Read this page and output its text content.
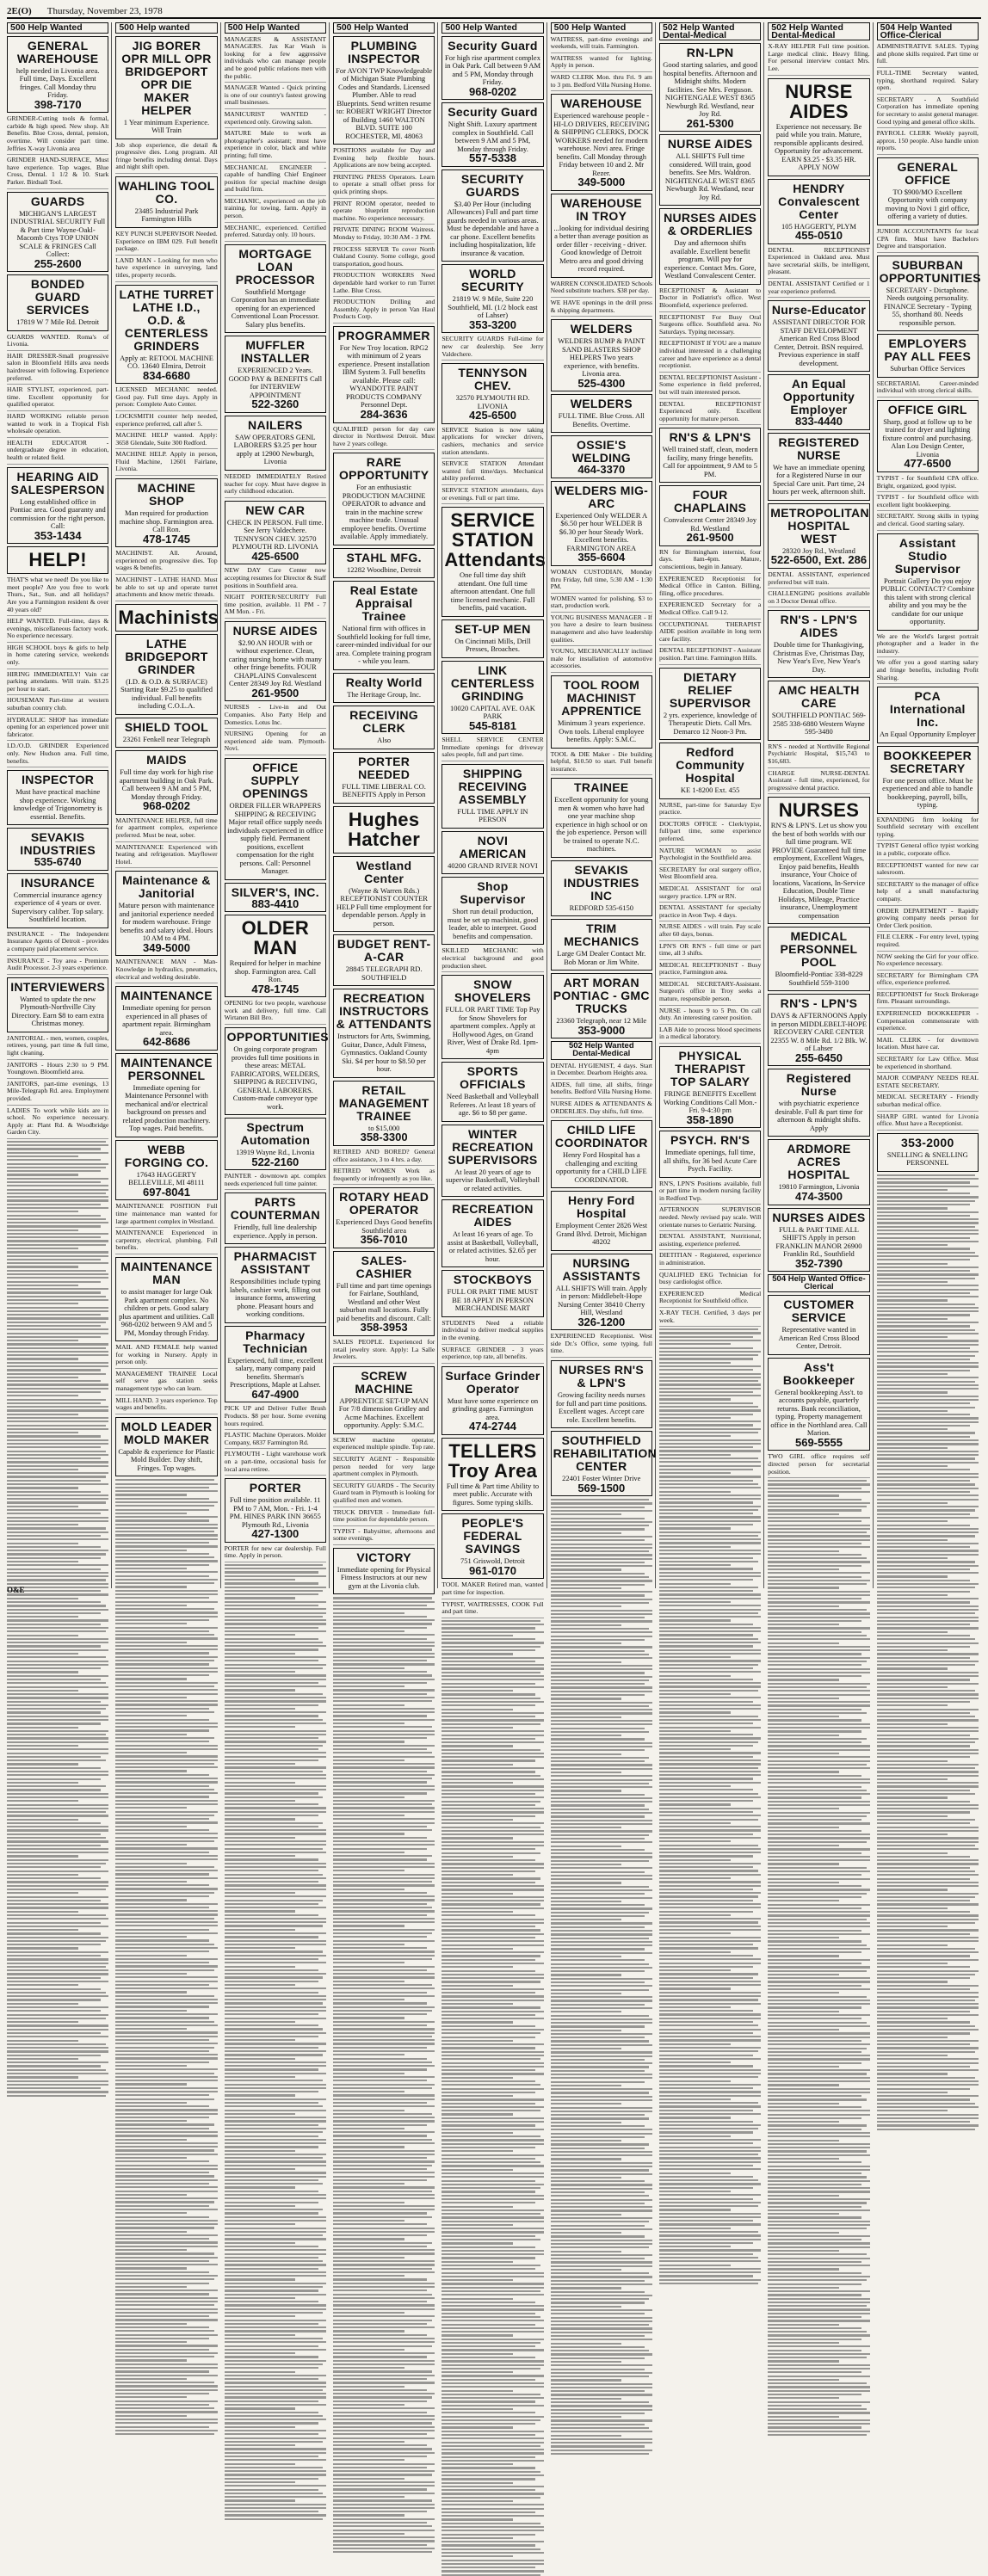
2E(O) Thursday, November 23, 1978
500 Help Wanted
GENERAL WAREHOUSE
help needed in Livonia area. Full time, Days. Excellent fringes. Call Monday thru Friday.
398-7170
GRINDER-Cutting tools & formal, carbide & high speed. New shop. Alt Benefits. Blue Cross, dental, pension, overtime. Will consider part time. Jeffries X-way Livonia area
GRINDER HAND-SURFACE, Must have experience. Top wages. Blue Cross, Dental. 1 1/2 & 10. Stark Parker. Birdsall Tool.
GUARDS
MICHIGAN'S LARGEST INDUSTRIAL SECURITY Full & Part time Wayne-Oakl-Macomb Ctys TOP UNION SCALE & FRINGES Call Collect:
255-2600
BONDED GUARD SERVICES
17819 W 7 Mile Rd. Detroit
GUARDS WANTED. Roma's of Livonia.
HAIR DRESSER-Small progressive salon in Bloomfield Hills area needs hairdresser with following. Experience preferred.
HAIR STYLIST, experienced, part-time. Excellent opportunity for qualified operator.
HARD WORKING reliable person wanted to work in a Tropical Fish wholesale operation.
HEALTH EDUCATOR - undergraduate degree in education, health or related field.
HEARING AID SALESPERSON
Long established office in Pontiac area. Good guaranty and commission for the right person. Call:
353-1434
HELP!
THAT'S what we need! Do you like to meet people? Are you free to work Thurs., Sat., Sun. and all holidays? Are you a Farmington resident & over 40 years old?
HELP WANTED. Full-time, days & evenings, miscellaneous factory work. No experience necessary.
HIGH SCHOOL boys & girls to help in home catering service, weekends only.
HIRING IMMEDIATELY! Vain car parking attendants. Will train. $3.25 per hour to start.
HOUSEMAN Part-time at western suburban country club.
HYDRAULIC SHOP has immediate opening for an experienced power unit fabricator.
I.D./O.D. GRINDER Experienced only. New Hudson area. Full time, benefits.
INSPECTOR
Must have practical machine shop experience. Working knowledge of Trigonometry is essential. Benefits.
SEVAKIS INDUSTRIES
535-6740
INSURANCE
Commercial insurance agency experience of 4 years or over. Supervisory caliber. Top salary. Southfield location.
INSURANCE - The Independent Insurance Agents of Detroit - provides a company paid placement service.
INSURANCE - Toy area - Premium Audit Processor. 2-3 years experience.
INTERVIEWERS
Wanted to update the new Plymouth-Northville City Directory. Earn $8 to earn extra Christmas money.
JANITORIAL - men, women, couples, retirees, young, part time & full time, light cleaning.
JANITORS - Hours 2:30 to 9 PM. Youngtown. Bloomfield area.
JANITORS, part-time evenings, 13 Mile-Telegraph Rd. area. Employment provided.
LADIES To work while kids are in school. No experience necessary. Apply at: Plant Rd. & Woodbridge Garden City.
500 Help wanted
JIG BORER OPR MILL OPR BRIDGEPORT OPR DIE MAKER HELPER
1 Year minimum Experience. Will Train
Job shop experience, die detail & progressive dies. Long program. All fringe benefits including dental. Days and night shift open.
WAHLING TOOL CO.
23485 Industrial Park Farmington Hills
KEY PUNCH SUPERVISOR Needed. Experience on IBM 029. Full benefit package.
LAND MAN - Looking for men who have experience in surveying, land titles, property records.
LATHE TURRET LATHE I.D., O.D. & CENTERLESS GRINDERS
Apply at: RETOOL MACHINE CO. 13640 Elmira, Detroit
834-6680
LICENSED MECHANIC needed. Good pay. Full time days. Apply in person: Complete Auto Center.
LOCKSMITH counter help needed, experience preferred, call after 5.
MACHINE HELP wanted. Apply: 3658 Glendale, Suite 300 Redford.
MACHINE HELP. Apply in person, Fluid Machine, 12601 Fairlane, Livonia.
MACHINE SHOP
Man required for production machine shop. Farmington area. Call Ron.
478-1745
MACHINIST. All. Around, experienced on progressive dies. Top wages & benefits.
MACHINIST - LATHE HAND. Must be able to set up and operate turret attachments and know metric threads.
Machinists
LATHE BRIDGEPORT GRINDER
(I.D. & O.D. & SURFACE) Starting Rate $9.25 to qualified individual. Full benefits including C.O.L.A.
SHIELD TOOL
23261 Fenkell near Telegraph
MAIDS
Full time day work for high rise apartment building in Oak Park. Call between 9 AM and 5 PM, Monday through Friday.
968-0202
MAINTENANCE HELPER, full time for apartment complex, experience preferred. Must be neat, sober.
MAINTENANCE Experienced with heating and refrigeration. Mayflower Hotel.
Maintenance & Janitorial
Mature person with maintenance and janitorial experience needed for modern warehouse. Fringe benefits and salary ideal. Hours 10 AM to 4 PM.
349-5000
MAINTENANCE MAN - Man-Knowledge in hydraulics, pneumatics, electrical and welding desirable.
MAINTENANCE
Immediate opening for person experienced in all phases of apartment repair. Birmingham area.
642-8686
MAINTENANCE PERSONNEL
Immediate opening for Maintenance Personnel with mechanical and/or electrical background on presses and related production machinery. Top wages. Paid benefits.
WEBB FORGING CO.
17643 HAGGERTY BELLEVILLE, MI 48111
697-8041
MAINTENANCE POSITION Full time maintenance man wanted for large apartment complex in Westland.
MAINTENANCE Experienced in carpentry, electrical, plumbing. Full benefits.
MAINTENANCE MAN
to assist manager for large Oak Park apartment complex. No children or pets. Good salary plus apartment and utilities. Call 968-0202 between 9 AM and 5 PM, Monday through Friday.
MAIL AND FEMALE help wanted for working in Nursery. Apply in person only.
MANAGEMENT TRAINEE Local self serve gas station seeks management type who can learn.
MILL HAND. 3 years experience. Top wages and benefits.
MOLD LEADER MOLD MAKER
Capable & experience for Plastic Mold Builder. Day shift, Fringes. Top wages.
500 Help Wanted
MANAGERS & ASSISTANT MANAGERS. Jax Kar Wash is looking for a few aggressive individuals who can manage people and be good public relations men with the public.
MANAGER Wanted - Quick printing is one of our country's fastest growing small businesses.
MANICURIST WANTED - experienced only. Growing salon.
MATURE Male to work as photographer's assistant; must have experience in color, black and white printing; full time.
MECHANICAL ENGINEER - capable of handling Chief Engineer position for special machine design and build firm.
MECHANIC, experienced on the job training, for towing, farm. Apply in person.
MECHANIC, experienced. Certified preferred. Saturday only. 10 hours.
MORTGAGE LOAN PROCESSOR
Southfield Mortgage Corporation has an immediate opening for an experienced Conventional Loan Processor. Salary plus benefits.
MUFFLER INSTALLER
EXPERIENCED 2 Years. GOOD PAY & BENEFITS Call for INTERVIEW APPOINTMENT
522-3260
NAILERS
SAW OPERATORS GENL LABORERS $3.25 per hour apply at 12900 Newburgh, Livonia
NEEDED IMMEDIATELY Retired teacher for copy. Must have degree in early childhood education.
NEW CAR
CHECK IN PERSON. Full time. See Jerry Valdechere. TENNYSON CHEV. 32570 PLYMOUTH RD. LIVONIA
425-6500
NEW DAY Care Center now accepting resumes for Director & Staff positions in Southfield area.
NIGHT PORTER/SECURITY Full time position, available. 11 PM - 7 AM Mon. - Fri.
NURSE AIDES
$2.90 AN HOUR with or without experience. Clean, caring nursing home with many other fringe benefits. FOUR CHAPLAINS Convalescent Center 28349 Joy Rd. Westland
261-9500
NURSES - Live-in and Out Companies. Also Party Help and Domestics. Lotus Inc.
NURSING Opening for an experienced aide team. Plymouth-Novi.
OFFICE SUPPLY OPENINGS
ORDER FILLER WRAPPERS SHIPPING & RECEIVING Major retail office supply needs individuals experienced in office supply field. Permanent positions, excellent compensation for the right persons. Call: Personnel Manager.
SILVER'S, INC.
883-4410
OLDER MAN
Required for helper in machine shop. Farmington area. Call Ron.
478-1745
OPENING for two people, warehouse work and delivery, full time. Call Wirtanen Bill Bro.
OPPORTUNITIES
On going corporate program provides full time positions in these areas: METAL FABRICATORS, WELDERS, SHIPPING & RECEIVING, GENERAL LABORERS. Custom-made conveyor type work.
Spectrum Automation
13919 Wayne Rd., Livonia
522-2160
PAINTER - downtown apt. complex needs experienced full time painter.
PARTS COUNTERMAN
Friendly, full line dealership experience. Apply in person.
PHARMACIST ASSISTANT
Responsibilities include typing labels, cashier work, filling out insurance forms, answering phone. Pleasant hours and working conditions.
Pharmacy Technician
Experienced, full time, excellent salary, many company paid benefits. Sherman's Prescriptions, Maple at Lahser.
647-4900
PICK UP and Deliver Fuller Brush Products. $8 per hour. Some evening hours required.
PLASTIC Machine Operators. Molder Company, 6837 Farmington Rd.
PLYMOUTH - Light warehouse work on a part-time, occasional basis for local area retiree.
PORTER
Full time position available. 11 PM to 7 AM, Mon. - Fri. 1-4 PM. HINES PARK INN 36655 Plymouth Rd., Livonia
427-1300
PORTER for new car dealership. Full time. Apply in person.
500 Help Wanted
PLUMBING INSPECTOR
For AVON TWP Knowledgeable of Michigan State Plumbing Codes and Standards. Licensed Plumber. Able to read Blueprints. Send written resume to: ROBERT WRIGHT Director of Building 1460 WALTON BLVD. SUITE 100 ROCHESTER, MI. 48063
POSITIONS available for Day and Evening help flexible hours. Applications are now being accepted.
PRINTING PRESS Operators. Learn to operate a small offset press for quick printing shops.
PRINT ROOM operator, needed to operate blueprint reproduction machine. No experience necessary.
PRIVATE DINING ROOM Waitress. Monday to Friday, 10:30 AM - 3 PM.
PROCESS SERVER To cover North Oakland County. Some college, good transportation, good hours.
PRODUCTION WORKERS Need dependable hard worker to run Turret Lathe. Blue Cross.
PRODUCTION Drilling and Assembly. Apply in person Van Haul Products Corp.
PROGRAMMER
For New Troy location. RPG2 with minimum of 2 years experience. Present installation IBM System 3. Full benefits available. Please call: WYANDOTTE PAINT PRODUCTS COMPANY Personnel Dept.
284-3636
QUALIFIED person for day care director in Northwest Detroit. Must have 2 years college.
RARE OPPORTUNITY
For an enthusiastic PRODUCTION MACHINE OPERATOR to advance and train in the machine screw machine trade. Unusual employee benefits. Overtime available. Apply immediately.
STAHL MFG.
12282 Woodbine, Detroit
Real Estate Appraisal Trainee
National firm with offices in Southfield looking for full time, career-minded individual for our area. Complete training program - while you learn.
Realty World
The Heritage Group, Inc.
RECEIVING CLERK
Also
PORTER NEEDED
FULL TIME LIBERAL CO. BENEFITS Apply in Person
Hughes Hatcher
Westland Center
(Wayne & Warren Rds.) RECEPTIONIST COUNTER HELP Full time employment for dependable person. Apply in person.
BUDGET RENT-A-CAR
28845 TELEGRAPH RD. SOUTHFIELD
RECREATION INSTRUCTORS & ATTENDANTS
Instructors for Arts, Swimming, Guitar, Dance, Adult Fitness, Gymnastics. Oakland County Ski. $4 per hour to $8.50 per hour.
RETAIL MANAGEMENT TRAINEE
to $15,000
358-3300
RETIRED AND BORED? General office assistance, 3 to 4 hrs. a day.
RETIRED WOMEN Work as frequently or infrequently as you like.
ROTARY HEAD OPERATOR
Experienced Days Good benefits Southfield area
356-7010
SALES-CASHIER
Full time and part time openings for Fairlane, Southland, Westland and other West suburban mall locations. Fully paid benefits and discount. Call:
358-3953
SALES PEOPLE. Experienced for retail jewelry store. Apply: La Salle Jewelers.
SCREW MACHINE
APPRENTICE SET-UP MAN For 7/8 dimension Gridley and Acme Machines. Excellent opportunity. Apply: S.M.C.
SCREW machine operator, experienced multiple spindle. Top rate.
SECURITY AGENT - Responsible person needed for very large apartment complex in Plymouth.
SECURITY GUARDS - The Security Guard team in Plymouth is looking for qualified men and women.
TRUCK DRIVER - Immediate full-time position for dependable person.
TYPIST - Babysitter, afternoons and some evenings.
VICTORY
Immediate opening for Physical Fitness Instructors at our new gym at the Livonia club.
500 Help Wanted
Security Guard
For high rise apartment complex in Oak Park. Call between 9 AM and 5 PM, Monday through Friday.
968-0202
Security Guard
Night Shift. Luxury apartment complex in Southfield. Call between 9 AM and 5 PM, Monday through Friday.
557-5338
SECURITY GUARDS
$3.40 Per Hour (including Allowances) Full and part time guards needed in various areas. Must be dependable and have a car phone. Excellent benefits including hospitalization, life insurance & vacation.
WORLD SECURITY
21819 W. 9 Mile, Suite 220 Southfield, MI. (1/2 block east of Lahser)
353-3200
SECURITY GUARDS Full-time for new car dealership. See Jerry Valdechere.
TENNYSON CHEV.
32570 PLYMOUTH RD. LIVONIA
425-6500
SERVICE Station is now taking applications for wrecker drivers, cashiers, mechanics and service station attendants.
SERVICE STATION Attendant wanted full time/days. Mechanical ability preferred.
SERVICE STATION attendants, days or evenings. Full or part time.
SERVICE STATION Attendants
One full time day shift attendant. One full time afternoon attendant. One full time licensed mechanic. Full benefits, paid vacation.
SET-UP MEN
On Cincinnati Mills, Drill Presses, Broaches.
LINK CENTERLESS GRINDING
10020 CAPITAL AVE. OAK PARK
545-8181
SHELL SERVICE CENTER Immediate openings for driveway sales people, full and part time.
SHIPPING RECEIVING ASSEMBLY
FULL TIME APPLY IN PERSON
NOVI AMERICAN
40200 GRAND RIVER NOVI
Shop Supervisor
Short run detail production, must be set up machinist, good leader, able to interpret. Good benefits and compensation.
SKILLED MECHANIC with electrical background and good production sheet.
SNOW SHOVELERS
FULL OR PART TIME Top Pay for Snow Shovelers for apartment complex. Apply at Hollywood Ages, on Grand River, West of Drake Rd. 1pm-4pm
SPORTS OFFICIALS
Need Basketball and Volleyball Referees. At least 18 years of age. $6 to $8 per game.
WINTER RECREATION SUPERVISORS
At least 20 years of age to supervise Basketball, Volleyball or related activities.
RECREATION AIDES
At least 16 years of age. To assist at Basketball, Volleyball, or related activities. $2.65 per hour.
STOCKBOYS
FULL OR PART TIME MUST BE 18 APPLY IN PERSON MERCHANDISE MART
STUDENTS Need a reliable individual to deliver medical supplies in the evening.
SURFACE GRINDER - 3 years experience, top rate, all benefits.
Surface Grinder Operator
Must have some experience on grinding gages. Farmington area.
474-2744
TELLERS Troy Area
Full time & Part time Ability to meet public. Accurate with figures. Some typing skills.
PEOPLE'S FEDERAL SAVINGS
751 Griswold, Detroit
961-0170
TOOL MAKER Retired man, wanted part time for inspection.
TYPIST, WAITRESSES, COOK Full and part time.
500 Help Wanted
WAITRESS, part-time evenings and weekends, will train. Farmington.
WAITRESS wanted for lighting. Apply in person.
WARD CLERK Mon. thru Fri. 9 am to 3 pm. Bedford Villa Nursing Home.
WAREHOUSE
Experienced warehouse people - HI-LO DRIVERS, RECEIVING & SHIPPING CLERKS, DOCK WORKERS needed for modern warehouse. Novi area. Fringe benefits. Call Monday through Friday between 10 and 2. Mr Rezer.
349-5000
WAREHOUSE IN TROY
...looking for individual desiring a better than average position as order filler - receiving - driver. Good knowledge of Detroit Metro area and good driving record required.
WARREN CONSOLIDATED Schools Need substitute teachers. $38 per day.
WE HAVE openings in the drill press & shipping departments.
WELDERS
WELDERS BUMP & PAINT SAND BLASTERS SHOP HELPERS Two years experience, with benefits. Livonia area.
525-4300
WELDERS
FULL TIME. Blue Cross. All Benefits. Overtime.
OSSIE'S WELDING
464-3370
WELDERS MIG-ARC
Experienced Only WELDER A $6.50 per hour WELDER B $6.30 per hour Steady Work. Excellent benefits. FARMINGTON AREA
355-6604
WOMAN CUSTODIAN, Monday thru Friday, full time, 5:30 AM - 1:30 PM.
WOMEN wanted for polishing. $3 to start, production work.
YOUNG BUSINESS MANAGER - If you have a desire to learn business management and also have leadership qualities.
YOUNG, MECHANICALLY inclined male for installation of automotive accessories.
TOOL ROOM MACHINIST APPRENTICE
Minimum 3 years experience. Own tools. Liberal employee benefits. Apply: S.M.C.
TOOL & DIE Maker - Die building helpful, $10.50 to start. Full benefit insurance.
TRAINEE
Excellent opportunity for young men & women who have had one year machine shop experience in high school or on the job experience. Person will be trained to operate N.C. machines.
SEVAKIS INDUSTRIES INC
REDFORD 535-6150
TRIM MECHANICS
Large GM Dealer Contact Mr. Bob Moran or Jim White.
ART MORAN PONTIAC - GMC TRUCKS
23360 Telegraph, near 12 Mile
353-9000
502 Help Wanted Dental-Medical
DENTAL HYGIENIST, 4 days. Start in December. Dearborn Heights area.
AIDES, full time, all shifts, fringe benefits. Bedford Villa Nursing Home.
NURSE AIDES & ATTENDANTS & ORDERLIES. Day shifts, full time.
CHILD LIFE COORDINATOR
Henry Ford Hospital has a challenging and exciting opportunity for a CHILD LIFE COORDINATOR.
Henry Ford Hospital
Employment Center 2826 West Grand Blvd. Detroit, Michigan 48202
NURSING ASSISTANTS
ALL SHIFTS Will train. Apply in person: Middlebelt-Hope Nursing Center 38410 Cherry Hill, Westland
326-1200
EXPERIENCED Receptionist. West side Dr.'s Office, some typing, full time.
NURSES RN'S & LPN'S
Growing facility needs nurses for full and part time positions. Excellent wages. Accept care role. Excellent benefits.
SOUTHFIELD REHABILITATION CENTER
22401 Foster Winter Drive
569-1500
502 Help Wanted Dental-Medical
RN-LPN
Good starting salaries, and good hospital benefits. Afternoon and Midnight shifts. Modern facilities. See Mrs. Ferguson. NIGHTENGALE WEST 8365 Newburgh Rd. Westland, near Joy Rd.
261-5300
NURSE AIDES
ALL SHIFTS Full time considered. Will train, good benefits. See Mrs. Waldron. NIGHTENGALE WEST 8365 Newburgh Rd. Westland, near Joy Rd.
NURSES AIDES & ORDERLIES
Day and afternoon shifts available. Excellent benefit program. Will pay for experience. Contact Mrs. Gore, Westland Convalescent Center.
RECEPTIONIST & Assistant to Doctor in Podiatrist's office. West Bloomfield, experience preferred.
RECEPTIONIST For Busy Oral Surgeons office. Southfield area. No Saturdays. Typing necessary.
RECEPTIONIST If YOU are a mature individual interested in a challenging career and have experience as a dental receptionist.
DENTAL RECEPTIONIST Assistant - Some experience in field preferred, but will train interested person.
DENTAL RECEPTIONIST Experienced only. Excellent opportunity for mature person.
RN'S & LPN'S
Well trained staff, clean, modern facility, many fringe benefits. Call for appointment, 9 AM to 5 PM.
FOUR CHAPLAINS
Convalescent Center 28349 Joy Rd. Westland
261-9500
RN for Birmingham internist, four days. 8am-4pm. Mature, conscientious, begin in January.
EXPERIENCED Receptionist for Medical Office in Canton. Billing, filing, office procedures.
EXPERIENCED Secretary for a Medical Office. Call 9-12.
OCCUPATIONAL THERAPIST AIDE position available in long term care facility.
DENTAL RECEPTIONIST - Assistant position. Part time. Farmington Hills.
DIETARY RELIEF SUPERVISOR
2 yrs. experience, knowledge of Therapeutic Diets. Call Mrs. Demarco 12 Noon-3 Pm.
Redford Community Hospital
KE 1-8200 Ext. 455
NURSE, part-time for Saturday Eye practice.
DOCTORS OFFICE - Clerk/typist, full/part time, some experience preferred.
NATURE WOMAN to assist Psychologist in the Southfield area.
SECRETARY for oral surgery office, West Bloomfield area.
MEDICAL ASSISTANT for oral surgery practice. LPN or RN.
DENTAL ASSISTANT for specialty practice in Avon Twp. 4 days.
NURSE AIDES - will train. Pay scale after 60 days, bonus.
LPN'S OR RN'S - full time or part time, all 3 shifts.
MEDICAL RECEPTIONIST - Busy practice, Farmington area.
MEDICAL SECRETARY-Assistant. Surgeon's office in Troy seeks a mature, responsible person.
NURSE - hours 9 to 5 Pm. On call duty. An interesting career position.
LAB Aide to process blood specimens in a medical laboratory.
PHYSICAL THERAPIST TOP SALARY
FRINGE BENEFITS Excellent Working Conditions Call Mon.-Fri. 9-4:30 pm
358-1890
PSYCH. RN'S
Immediate openings, full time, all shifts, for 36 bed Acute Care Psych. Facility.
RN'S, LPN'S Positions available, full or part time in modern nursing facility in Redford Twp.
AFTERNOON SUPERVISOR needed. Newly revised pay scale. Will orientate nurses to Geriatric Nursing.
DENTAL ASSISTANT, Nutritional, assisting, experience preferred.
DIETITIAN - Registered, experience in administration.
QUALIFIED EKG Technician for busy cardiologist office.
EXPERIENCED Medical Receptionist for Southfield office.
X-RAY TECH. Certified, 3 days per week.
502 Help Wanted Dental-Medical
X-RAY HELPER Full time position. Large medical clinic. Heavy filing. For personal interview contact Mrs. Lee.
NURSE AIDES
Experience not necessary. Be paid while you train. Mature, responsible applicants desired. Opportunity for advancement. EARN $3.25 - $3.35 HR. APPLY NOW
HENDRY Convalescent Center
105 HAGGERTY, PLYM
455-0510
DENTAL RECEPTIONIST Experienced in Oakland area. Must have secretarial skills, be intelligent, pleasant.
DENTAL ASSISTANT Certified or 1 year experience preferred.
Nurse-Educator
ASSISTANT DIRECTOR FOR STAFF DEVELOPMENT American Red Cross Blood Center, Detroit. BSN required. Previous experience in staff development.
An Equal Opportunity Employer
833-4440
REGISTERED NURSE
We have an immediate opening for a Registered Nurse in our Special Care unit. Part time, 24 hours per week, afternoon shift.
METROPOLITAN HOSPITAL WEST
28320 Joy Rd., Westland
522-6500, Ext. 286
DENTAL ASSISTANT, experienced preferred but will train.
CHALLENGING positions available on 3 Doctor Dental office.
RN'S - LPN'S AIDES
Double time for Thanksgiving, Christmas Eve, Christmas Day, New Year's Eve, New Year's Day.
AMC HEALTH CARE
SOUTHFIELD PONTIAC 569-2585 338-6880 Western Wayne 595-3480
RN'S - needed at Northville Regional Psychiatric Hospital, $15,743 to $16,683.
CHARGE NURSE-DENTAL Assistant - full time, experienced, for progressive dental practice.
NURSES
RN'S & LPN'S. Let us show you the best of both worlds with our full time program. WE PROVIDE Guaranteed full time employment, Excellent Wages, Enjoy paid benefits, Health insurance, Your Choice of locations, Vacations, In-Service Education, Double Time Holidays, Mileage, Practice insurance, Unemployment compensation
MEDICAL PERSONNEL POOL
Bloomfield-Pontiac 338-8229 Southfield 559-3100
RN'S - LPN'S
DAYS & AFTERNOONS Apply in person MIDDLEBELT-HOPE RECOVERY CARE CENTER 22355 W. 8 Mile Rd. 1/2 Blk. W. of Lahser
255-6450
Registered Nurse
with psychiatric experience desirable. Full & part time for afternoon & midnight shifts. Apply
ARDMORE ACRES HOSPITAL
19810 Farmington, Livonia
474-3500
NURSES AIDES
FULL & PART TIME ALL SHIFTS Apply in person FRANKLIN MANOR 26900 Franklin Rd., Southfield
352-7390
504 Help Wanted Office-Clerical
CUSTOMER SERVICE
Representative wanted in American Red Cross Blood Center, Detroit.
Ass't Bookkeeper
General bookkeeping Ass't. to accounts payable, quarterly returns. Bank reconciliation, typing. Property management office in the Northland area. Call Marion.
569-5555
TWO GIRL office requires self directed person for secretarial position.
504 Help Wanted Office-Clerical
ADMINISTRATIVE SALES. Typing and phone skills required. Part time or full.
FULL-TIME Secretary wanted, typing, shorthand required. Salary open.
SECRETARY - A Southfield Corporation has immediate opening for secretary to assist general manager. Good typing and general office skills.
PAYROLL CLERK Weekly payroll, approx. 150 people. Also handle union reports.
GENERAL OFFICE
TO $900/MO Excellent Opportunity with company moving to Novi 1 girl office, offering a variety of duties.
JUNIOR ACCOUNTANTS for local CPA firm. Must have Bachelors Degree and transportation.
SUBURBAN OPPORTUNITIES
SECRETARY - Dictaphone. Needs outgoing personality. FINANCE Secretary - Typing 55, shorthand 80. Needs responsible person.
EMPLOYERS PAY ALL FEES
Suburban Office Services
SECRETARIAL Career-minded individual with strong clerical skills.
OFFICE GIRL
Sharp, good at follow up to be trained for dryer and lighting fixture control and purchasing. Alan Lou Design Center, Livonia
477-6500
TYPIST - for Southfield CPA office. Bright, organized, good typist.
TYPIST - for Southfield office with excellent light bookkeeping.
SECRETARY. Strong skills in typing and clerical. Good starting salary.
Assistant Studio Supervisor
Portrait Gallery Do you enjoy PUBLIC CONTACT? Combine this talent with strong clerical ability and you may be the candidate for our unique opportunity.
We are the World's largest portrait photographer and a leader in the industry.
We offer you a good starting salary and fringe benefits, including Profit Sharing.
PCA International Inc.
An Equal Opportunity Employer
BOOKKEEPER SECRETARY
For one person office. Must be experienced and able to handle bookkeeping, payroll, bills, typing.
EXPANDING firm looking for Southfield secretary with excellent typing.
TYPIST General office typist working in a public, corporate office.
RECEPTIONIST wanted for new car salesroom.
SECRETARY to the manager of office help of a small manufacturing company.
ORDER DEPARTMENT - Rapidly growing company needs person for Order Clerk position.
FILE CLERK - For entry level, typing required.
NOW seeking the Girl for your office. No experience necessary.
SECRETARY for Birmingham CPA office, experience preferred.
RECEPTIONIST for Stock Brokerage firm. Pleasant surroundings.
EXPERIENCED BOOKKEEPER - Compensation commensurate with experience.
MAIL CLERK - for downtown location. Must have car.
SECRETARY for Law Office. Must be experienced in shorthand.
MAJOR COMPANY NEEDS REAL ESTATE SECRETARY.
MEDICAL SECRETARY - Friendly suburban medical office.
SHARP GIRL wanted for Livonia office. Must have a Receptionist.
353-2000
SNELLING & SNELLING PERSONNEL
O&E
